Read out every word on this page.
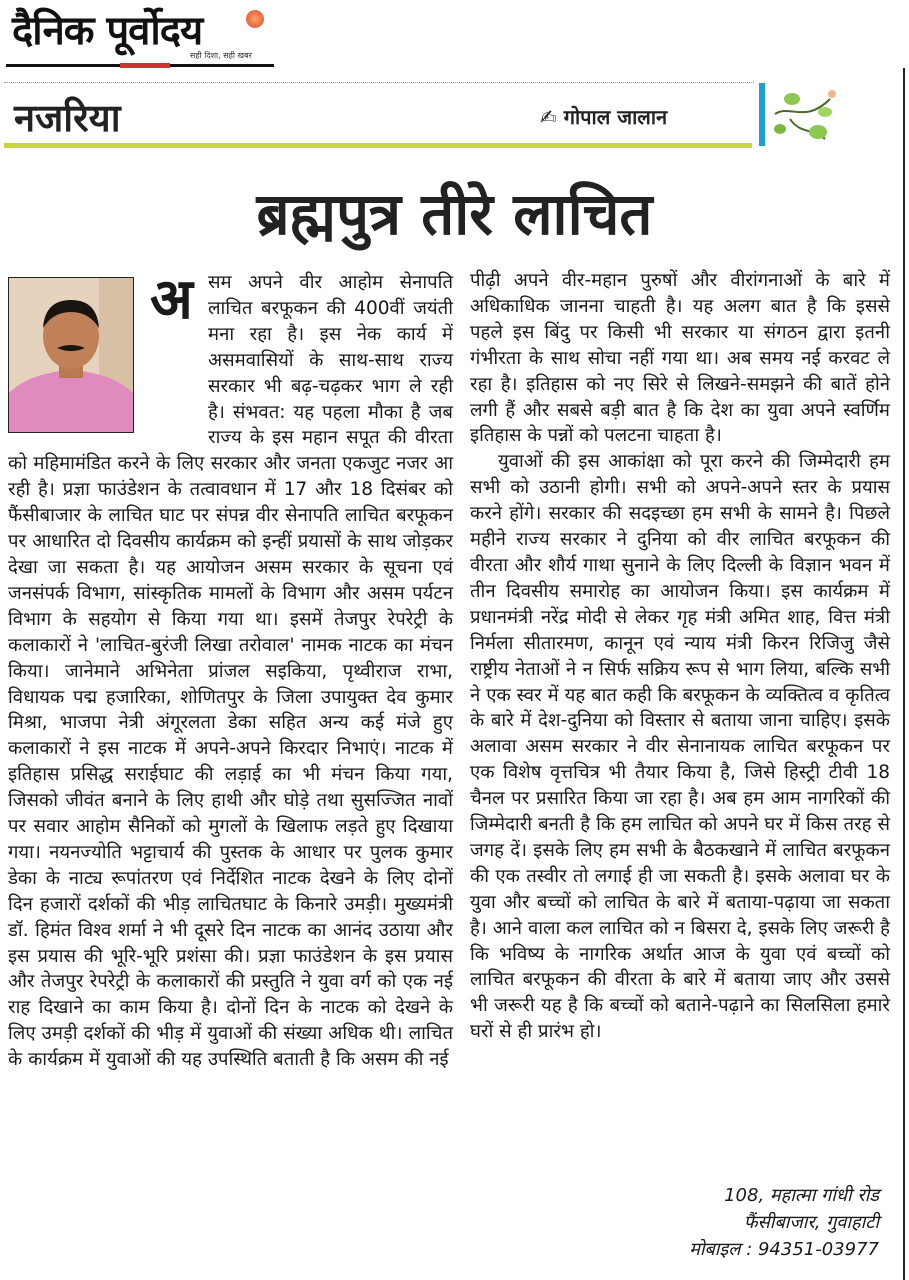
दैनिक पूर्वोदय
सही दिशा, सही खबर
नजरिया	✍ गोपाल जालान
ब्रह्मपुत्र तीरे लाचित
अ सम अपने वीर आहोम सेनापति लाचित बरफूकन की 400वीं जयंती मना रहा है। इस नेक कार्य में असमवासियों के साथ-साथ राज्य सरकार भी बढ़-चढ़कर भाग ले रही है। संभवत: यह पहला मौका है जब राज्य के इस महान सपूत की वीरता को महिमामंडित करने के लिए सरकार और जनता एकजुट नजर आ रही है। प्रज्ञा फाउंडेशन के तत्वावधान में 17 और 18 दिसंबर को फैंसीबाजार के लाचित घाट पर संपन्न वीर सेनापति लाचित बरफूकन पर आधारित दो दिवसीय कार्यक्रम को इन्हीं प्रयासों के साथ जोड़कर देखा जा सकता है। यह आयोजन असम सरकार के सूचना एवं जनसंपर्क विभाग, सांस्कृतिक मामलों के विभाग और असम पर्यटन विभाग के सहयोग से किया गया था। इसमें तेजपुर रेपरेट्री के कलाकारों ने 'लाचित-बुरंजी लिखा तरोवाल' नामक नाटक का मंचन किया। जानेमाने अभिनेता प्रांजल सइकिया, पृथ्वीराज राभा, विधायक पद्म हजारिका, शोणितपुर के जिला उपायुक्त देव कुमार मिश्रा, भाजपा नेत्री अंगूरलता डेका सहित अन्य कई मंजे हुए कलाकारों ने इस नाटक में अपने-अपने किरदार निभाएं। नाटक में इतिहास प्रसिद्ध सराईघाट की लड़ाई का भी मंचन किया गया, जिसको जीवंत बनाने के लिए हाथी और घोड़े तथा सुसज्जित नावों पर सवार आहोम सैनिकों को मुगलों के खिलाफ लड़ते हुए दिखाया गया। नयनज्योति भट्टाचार्य की पुस्तक के आधार पर पुलक कुमार डेका के नाट्य रूपांतरण एवं निर्देशित नाटक देखने के लिए दोनों दिन हजारों दर्शकों की भीड़ लाचितघाट के किनारे उमड़ी। मुख्यमंत्री डॉ. हिमंत विश्व शर्मा ने भी दूसरे दिन नाटक का आनंद उठाया और इस प्रयास की भूरि-भूरि प्रशंसा की। प्रज्ञा फाउंडेशन के इस प्रयास और तेजपुर रेपरेट्री के कलाकारों की प्रस्तुति ने युवा वर्ग को एक नई राह दिखाने का काम किया है। दोनों दिन के नाटक को देखने के लिए उमड़ी दर्शकों की भीड़ में युवाओं की संख्या अधिक थी। लाचित के कार्यक्रम में युवाओं की यह उपस्थिति बताती है कि असम की नई

पीढ़ी अपने वीर-महान पुरुषों और वीरांगनाओं के बारे में अधिकाधिक जानना चाहती है। यह अलग बात है कि इससे पहले इस बिंदु पर किसी भी सरकार या संगठन द्वारा इतनी गंभीरता के साथ सोचा नहीं गया था। अब समय नई करवट ले रहा है। इतिहास को नए सिरे से लिखने-समझने की बातें होने लगी हैं और सबसे बड़ी बात है कि देश का युवा अपने स्वर्णिम इतिहास के पन्नों को पलटना चाहता है।

युवाओं की इस आकांक्षा को पूरा करने की जिम्मेदारी हम सभी को उठानी होगी। सभी को अपने-अपने स्तर के प्रयास करने होंगे। सरकार की सदइच्छा हम सभी के सामने है। पिछले महीने राज्य सरकार ने दुनिया को वीर लाचित बरफूकन की वीरता और शौर्य गाथा सुनाने के लिए दिल्ली के विज्ञान भवन में तीन दिवसीय समारोह का आयोजन किया। इस कार्यक्रम में प्रधानमंत्री नरेंद्र मोदी से लेकर गृह मंत्री अमित शाह, वित्त मंत्री निर्मला सीतारमण, कानून एवं न्याय मंत्री किरन रिजिजु जैसे राष्ट्रीय नेताओं ने न सिर्फ सक्रिय रूप से भाग लिया, बल्कि सभी ने एक स्वर में यह बात कही कि बरफूकन के व्यक्तित्व व कृतित्व के बारे में देश-दुनिया को विस्तार से बताया जाना चाहिए। इसके अलावा असम सरकार ने वीर सेनानायक लाचित बरफूकन पर एक विशेष वृत्तचित्र भी तैयार किया है, जिसे हिस्ट्री टीवी 18 चैनल पर प्रसारित किया जा रहा है। अब हम आम नागरिकों की जिम्मेदारी बनती है कि हम लाचित को अपने घर में किस तरह से जगह दें। इसके लिए हम सभी के बैठकखाने में लाचित बरफूकन की एक तस्वीर तो लगाई ही जा सकती है। इसके अलावा घर के युवा और बच्चों को लाचित के बारे में बताया-पढ़ाया जा सकता है। आने वाला कल लाचित को न बिसरा दे, इसके लिए जरूरी है कि भविष्य के नागरिक अर्थात आज के युवा एवं बच्चों को लाचित बरफूकन की वीरता के बारे में बताया जाए और उससे भी जरूरी यह है कि बच्चों को बताने-पढ़ाने का सिलसिला हमारे घरों से ही प्रारंभ हो।

108, महात्मा गांधी रोड
फैंसीबाजार, गुवाहाटी
मोबाइल : 94351-03977
